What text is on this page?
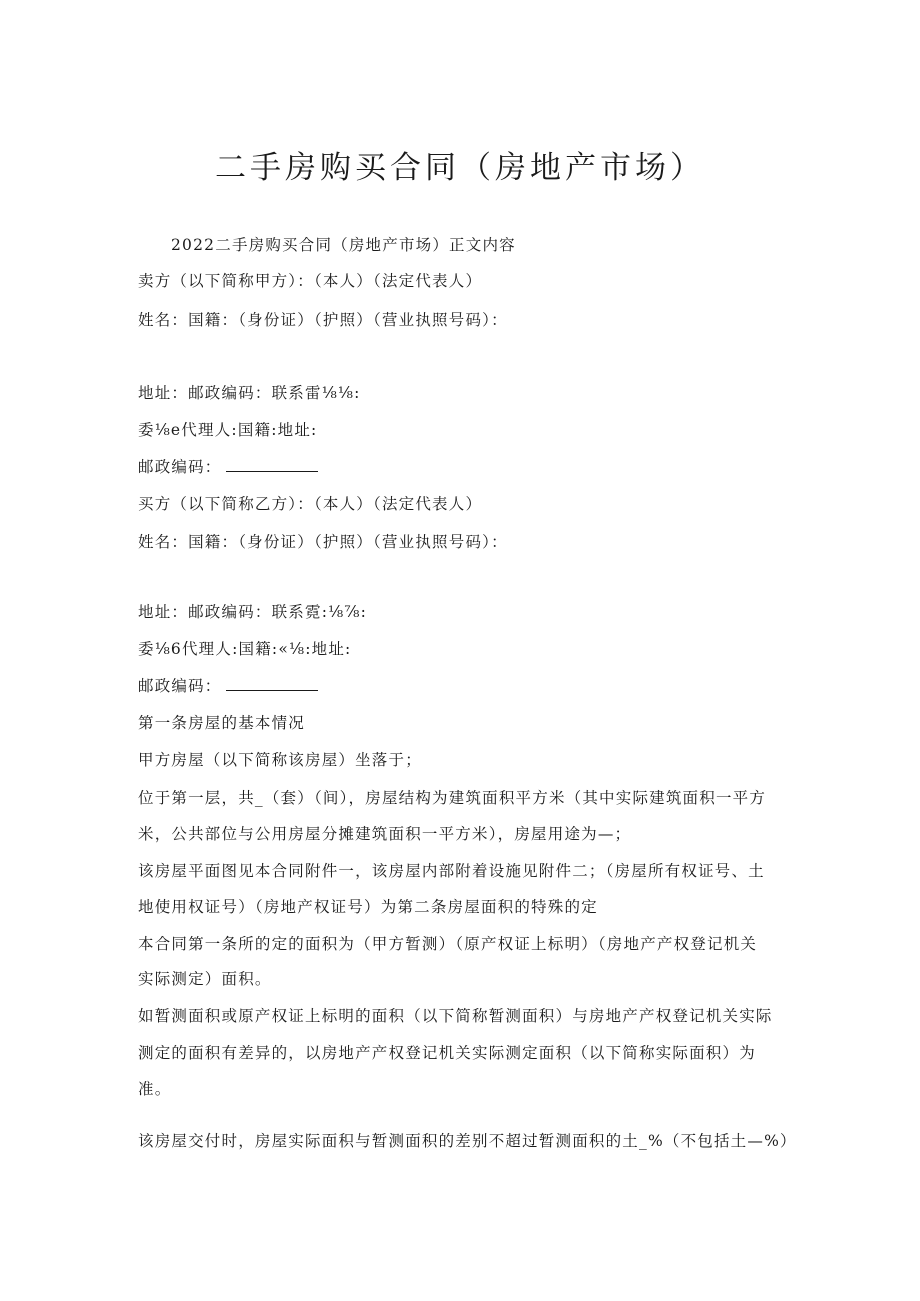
二手房购买合同（房地产市场）

2022二手房购买合同（房地产市场）正文内容

卖方（以下简称甲方）：（本人）（法定代表人）

姓名：国籍：（身份证）（护照）（营业执照号码）：

地址：邮政编码：联系雷⅛⅛:

委⅛e代理人:国籍:地址:

邮政编码：

买方（以下简称乙方）：（本人）（法定代表人）

姓名：国籍：（身份证）（护照）（营业执照号码）：

地址：邮政编码：联系霓:⅛⅞:

委⅛6代理人:国籍:«⅛:地址:

邮政编码：

第一条房屋的基本情况

甲方房屋（以下简称该房屋）坐落于；

位于第一层，共_（套）（间），房屋结构为建筑面积平方米（其中实际建筑面积一平方

米，公共部位与公用房屋分摊建筑面积一平方米），房屋用途为—；

该房屋平面图见本合同附件一，该房屋内部附着设施见附件二；（房屋所有权证号、土

地使用权证号）（房地产权证号）为第二条房屋面积的特殊的定

本合同第一条所的定的面积为（甲方暂测）（原产权证上标明）（房地产产权登记机关

实际测定）面积。

如暂测面积或原产权证上标明的面积（以下简称暂测面积）与房地产产权登记机关实际

测定的面积有差异的，以房地产产权登记机关实际测定面积（以下简称实际面积）为

准。

该房屋交付时，房屋实际面积与暂测面积的差别不超过暂测面积的土_%（不包括土—%）
